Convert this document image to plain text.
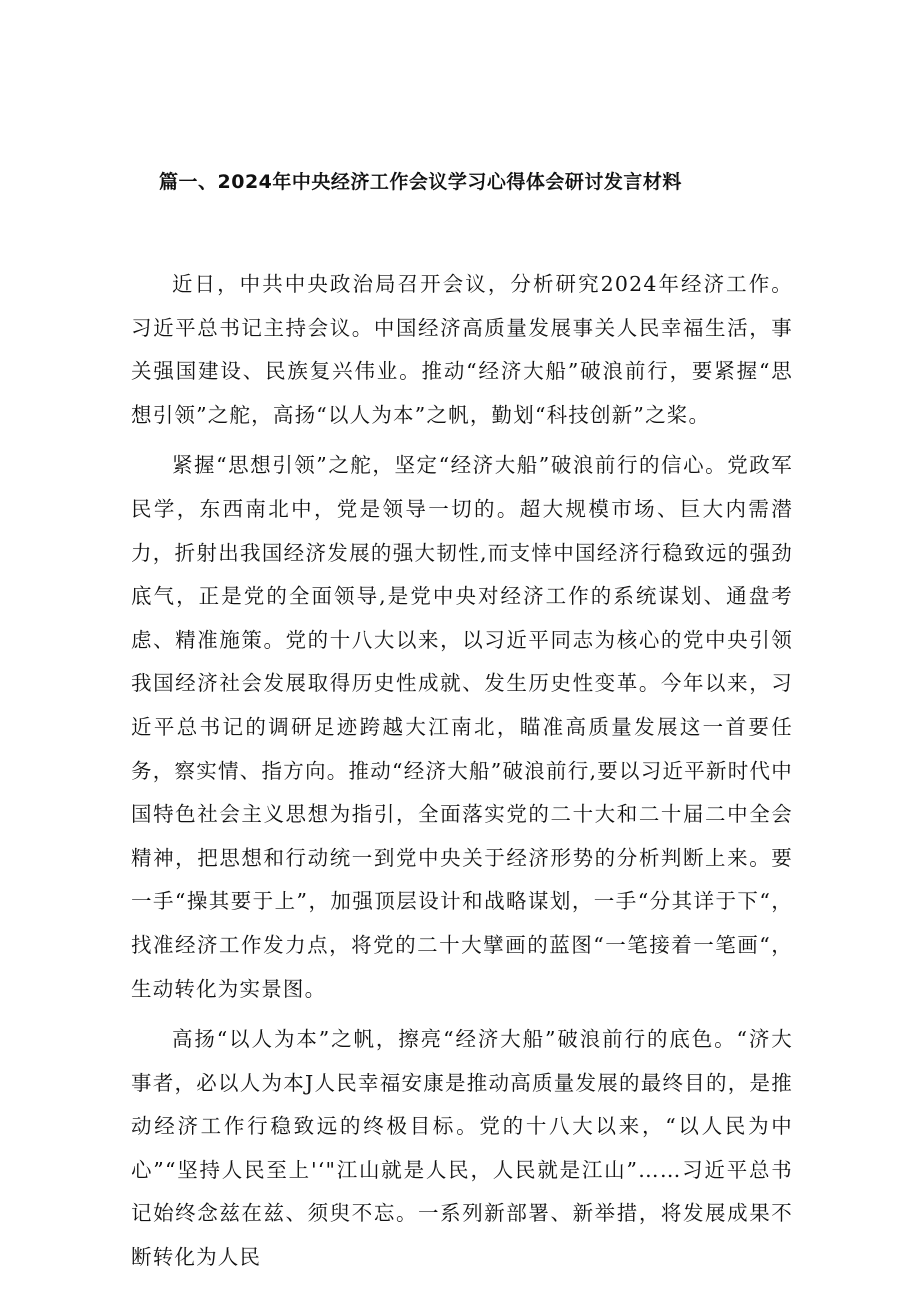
篇一、2024年中央经济工作会议学习心得体会研讨发言材料

近日，中共中央政治局召开会议，分析研究2024年经济工作。习近平总书记主持会议。中国经济高质量发展事关人民幸福生活，事关强国建设、民族复兴伟业。推动“经济大船”破浪前行，要紧握“思想引领”之舵，高扬“以人为本”之帆，勤划“科技创新”之桨。

紧握“思想引领”之舵，坚定“经济大船”破浪前行的信心。党政军民学，东西南北中，党是领导一切的。超大规模市场、巨大内需潜力，折射出我国经济发展的强大韧性,而支悻中国经济行稳致远的强劲底气，正是党的全面领导,是党中央对经济工作的系统谋划、通盘考虑、精准施策。党的十八大以来，以习近平同志为核心的党中央引领我国经济社会发展取得历史性成就、发生历史性变革。今年以来，习近平总书记的调研足迹跨越大江南北，瞄准高质量发展这一首要任务，察实情、指方向。推动“经济大船”破浪前行,要以习近平新时代中国特色社会主义思想为指引，全面落实党的二十大和二十届二中全会精神，把思想和行动统一到党中央关于经济形势的分析判断上来。要一手“操其要于上”，加强顶层设计和战略谋划，一手“分其详于下“，找准经济工作发力点，将党的二十大擘画的蓝图“一笔接着一笔画“，生动转化为实景图。

高扬“以人为本”之帆，擦亮“经济大船”破浪前行的底色。“济大事者，必以人为本J人民幸福安康是推动高质量发展的最终目的，是推动经济工作行稳致远的终极目标。党的十八大以来，“以人民为中心”“坚持人民至上'‘"江山就是人民，人民就是江山”……习近平总书记始终念兹在兹、须臾不忘。一系列新部署、新举措，将发展成果不断转化为人民
